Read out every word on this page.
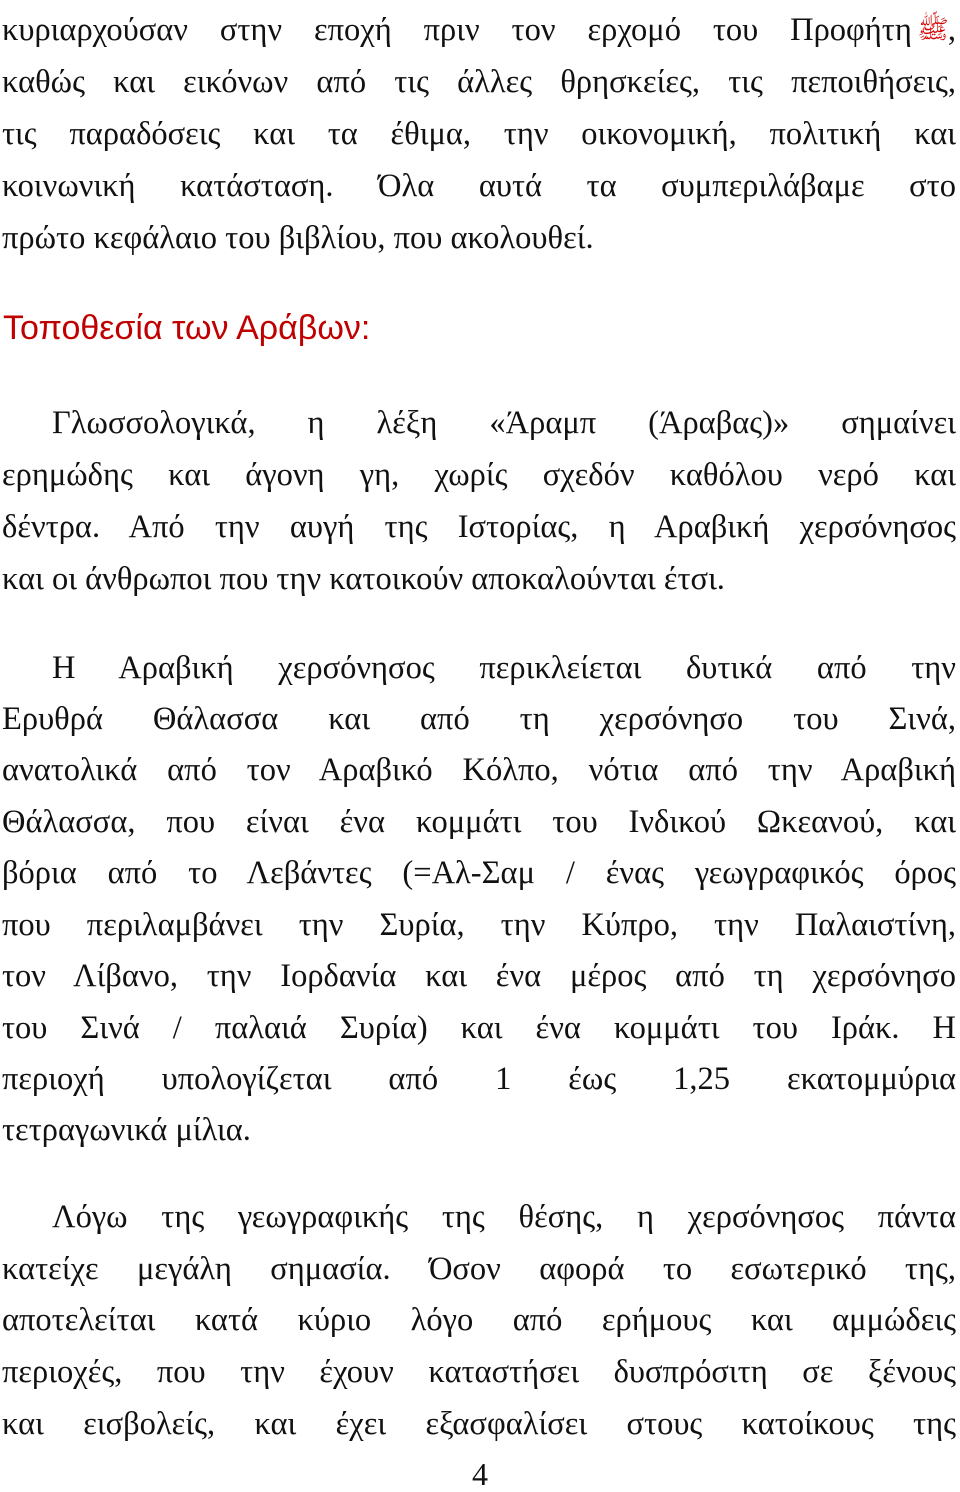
κυριαρχούσαν στην εποχή πριν τον ερχομό του Προφήτη ﷺ ,
καθώς και εικόνων από τις άλλες θρησκείες, τις πεποιθήσεις,
τις παραδόσεις και τα έθιμα, την οικονομική, πολιτική και
κοινωνική κατάσταση. Όλα αυτά τα συμπεριλάβαμε στο
πρώτο κεφάλαιο του βιβλίου, που ακολουθεί.
Τοποθεσία των Αράβων:
Γλωσσολογικά, η λέξη «Άραμπ (Άραβας)» σημαίνει
ερημώδης και άγονη γη, χωρίς σχεδόν καθόλου νερό και
δέντρα. Από την αυγή της Ιστορίας, η Αραβική χερσόνησος
και οι άνθρωποι που την κατοικούν αποκαλούνται έτσι.
Η Αραβική χερσόνησος περικλείεται δυτικά από την
Ερυθρά Θάλασσα και από τη χερσόνησο του Σινά,
ανατολικά από τον Αραβικό Κόλπο, νότια από την Αραβική
Θάλασσα, που είναι ένα κομμάτι του Ινδικού Ωκεανού, και
βόρια από το Λεβάντες (=Αλ-Σαμ / ένας γεωγραφικός όρος
που περιλαμβάνει την Συρία, την Κύπρο, την Παλαιστίνη,
τον Λίβανο, την Ιορδανία και ένα μέρος από τη χερσόνησο
του Σινά / παλαιά Συρία) και ένα κομμάτι του Ιράκ. Η
περιοχή υπολογίζεται από 1 έως 1,25 εκατομμύρια
τετραγωνικά μίλια.
Λόγω της γεωγραφικής της θέσης, η χερσόνησος πάντα
κατείχε μεγάλη σημασία. Όσον αφορά το εσωτερικό της,
αποτελείται κατά κύριο λόγο από ερήμους και αμμώδεις
περιοχές, που την έχουν καταστήσει δυσπρόσιτη σε ξένους
και εισβολείς, και έχει εξασφαλίσει στους κατοίκους της
4
